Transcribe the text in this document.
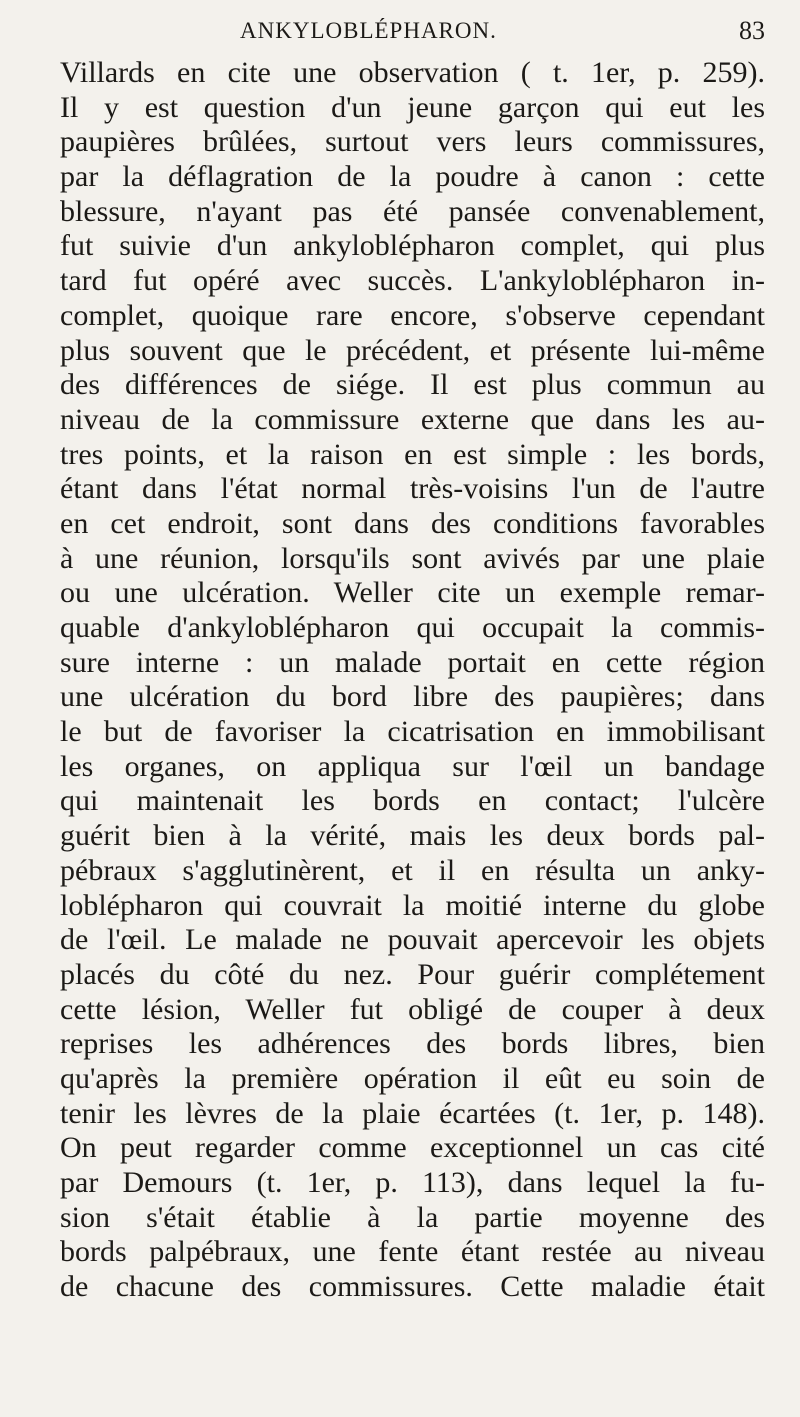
ANKYLOBLÉPHARON.	83
Villards en cite une observation ( t. 1er, p. 259).
Il y est question d'un jeune garçon qui eut les
paupières brûlées, surtout vers leurs commissures,
par la déflagration de la poudre à canon : cette
blessure, n'ayant pas été pansée convenablement,
fut suivie d'un ankyloblépharon complet, qui plus
tard fut opéré avec succès. L'ankyloblépharon in-
complet, quoique rare encore, s'observe cependant
plus souvent que le précédent, et présente lui-même
des différences de siége. Il est plus commun au
niveau de la commissure externe que dans les au-
tres points, et la raison en est simple : les bords,
étant dans l'état normal très-voisins l'un de l'autre
en cet endroit, sont dans des conditions favorables
à une réunion, lorsqu'ils sont avivés par une plaie
ou une ulcération. Weller cite un exemple remar-
quable d'ankyloblépharon qui occupait la commis-
sure interne : un malade portait en cette région
une ulcération du bord libre des paupières; dans
le but de favoriser la cicatrisation en immobilisant
les organes, on appliqua sur l'œil un bandage
qui maintenait les bords en contact; l'ulcère
guérit bien à la vérité, mais les deux bords pal-
pébraux s'agglutinèrent, et il en résulta un anky-
loblépharon qui couvrait la moitié interne du globe
de l'œil. Le malade ne pouvait apercevoir les objets
placés du côté du nez. Pour guérir complétement
cette lésion, Weller fut obligé de couper à deux
reprises les adhérences des bords libres, bien
qu'après la première opération il eût eu soin de
tenir les lèvres de la plaie écartées (t. 1er, p. 148).
On peut regarder comme exceptionnel un cas cité
par Demours (t. 1er, p. 113), dans lequel la fu-
sion s'était établie à la partie moyenne des
bords palpébraux, une fente étant restée au niveau
de chacune des commissures. Cette maladie était
